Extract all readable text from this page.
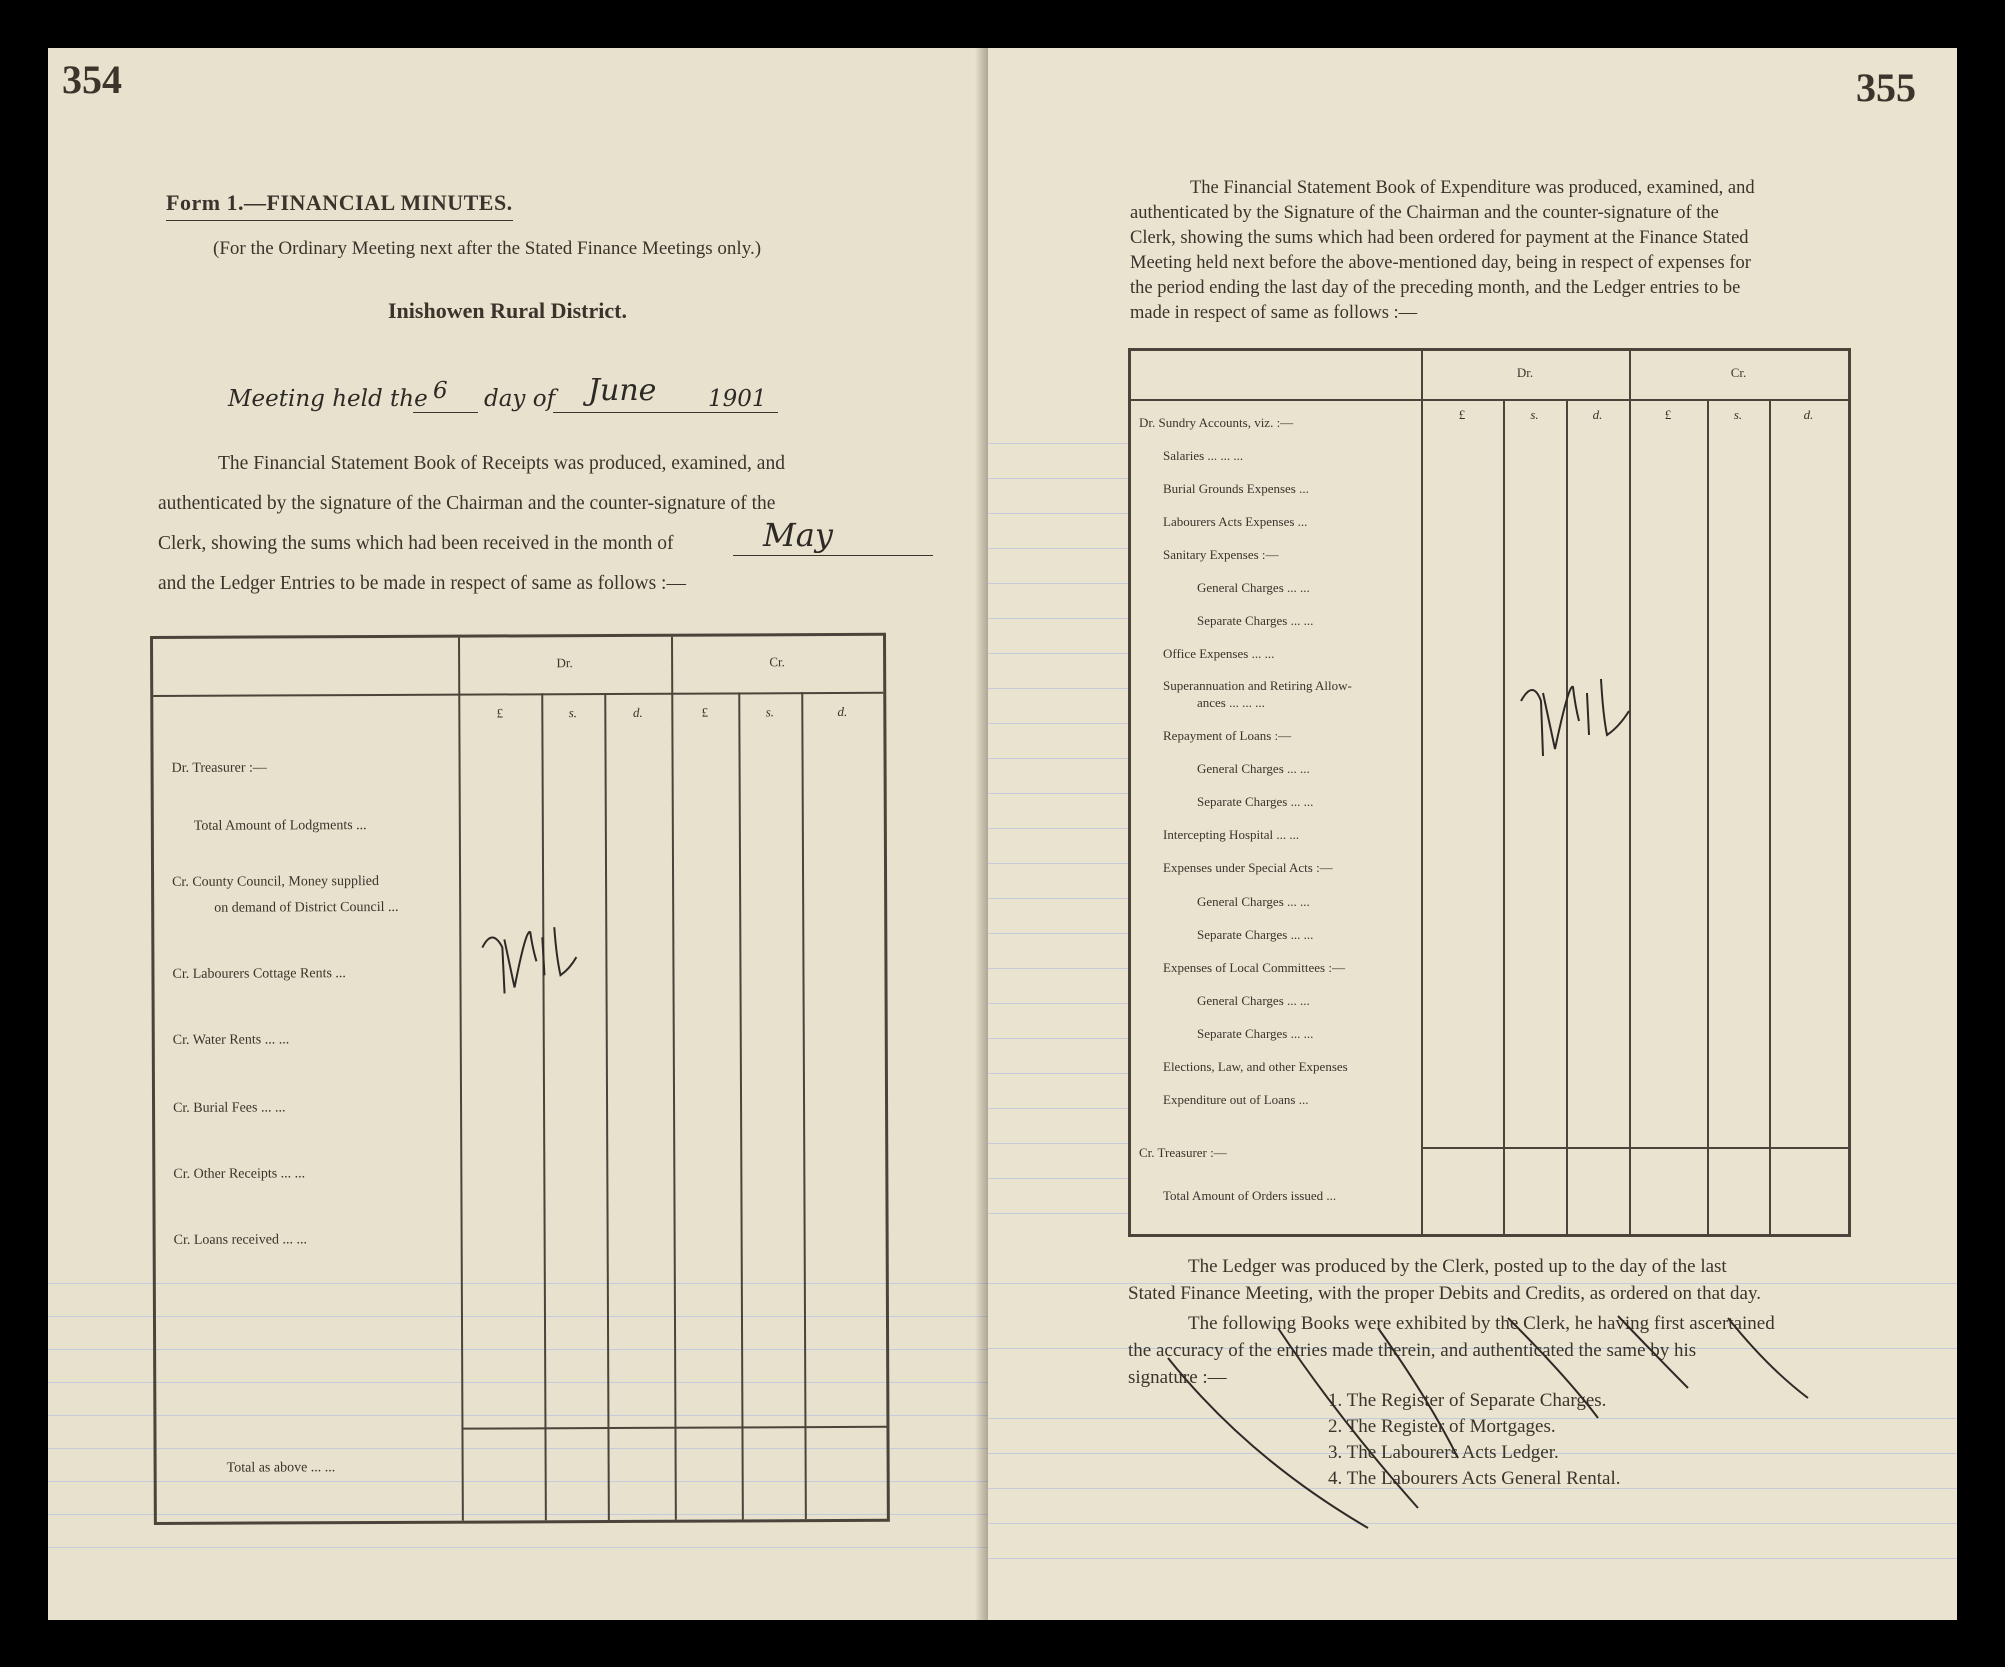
354
Form 1.—FINANCIAL MINUTES.
(For the Ordinary Meeting next after the Stated Finance Meetings only.)
Inishowen Rural District.
Meeting held the 6 day of June 1901
The Financial Statement Book of Receipts was produced, examined, and
authenticated by the signature of the Chairman and the counter-signature of the
Clerk, showing the sums which had been received in the month of	May
and the Ledger Entries to be made in respect of same as follows :—
Dr.	Cr.
£	s.	d.	£	s.	d.
Dr. Treasurer :—
Total Amount of Lodgments ...
Cr. County Council, Money supplied
on demand of District Council ...
Cr. Labourers Cottage Rents ...
Cr. Water Rents ... ...
Cr. Burial Fees ... ...
Cr. Other Receipts ... ...
Cr. Loans received ... ...
Total as above ... ...
355
The Financial Statement Book of Expenditure was produced, examined, and
authenticated by the Signature of the Chairman and the counter-signature of the
Clerk, showing the sums which had been ordered for payment at the Finance Stated
Meeting held next before the above-mentioned day, being in respect of expenses for
the period ending the last day of the preceding month, and the Ledger entries to be
made in respect of same as follows :—
Dr.	Cr.
£	s.	d.	£	s.	d.
Dr. Sundry Accounts, viz. :—
Salaries ... ... ...
Burial Grounds Expenses ...
Labourers Acts Expenses ...
Sanitary Expenses :—
General Charges ... ...
Separate Charges ... ...
Office Expenses ... ...
Superannuation and Retiring Allow-
ances ... ... ...
Repayment of Loans :—
General Charges ... ...
Separate Charges ... ...
Intercepting Hospital ... ...
Expenses under Special Acts :—
General Charges ... ...
Separate Charges ... ...
Expenses of Local Committees :—
General Charges ... ...
Separate Charges ... ...
Elections, Law, and other Expenses
Expenditure out of Loans ...
Cr. Treasurer :—
Total Amount of Orders issued ...
The Ledger was produced by the Clerk, posted up to the day of the last
Stated Finance Meeting, with the proper Debits and Credits, as ordered on that day.
The following Books were exhibited by the Clerk, he having first ascertained
the accuracy of the entries made therein, and authenticated the same by his
signature :—
1. The Register of Separate Charges.
2. The Register of Mortgages.
3. The Labourers Acts Ledger.
4. The Labourers Acts General Rental.
